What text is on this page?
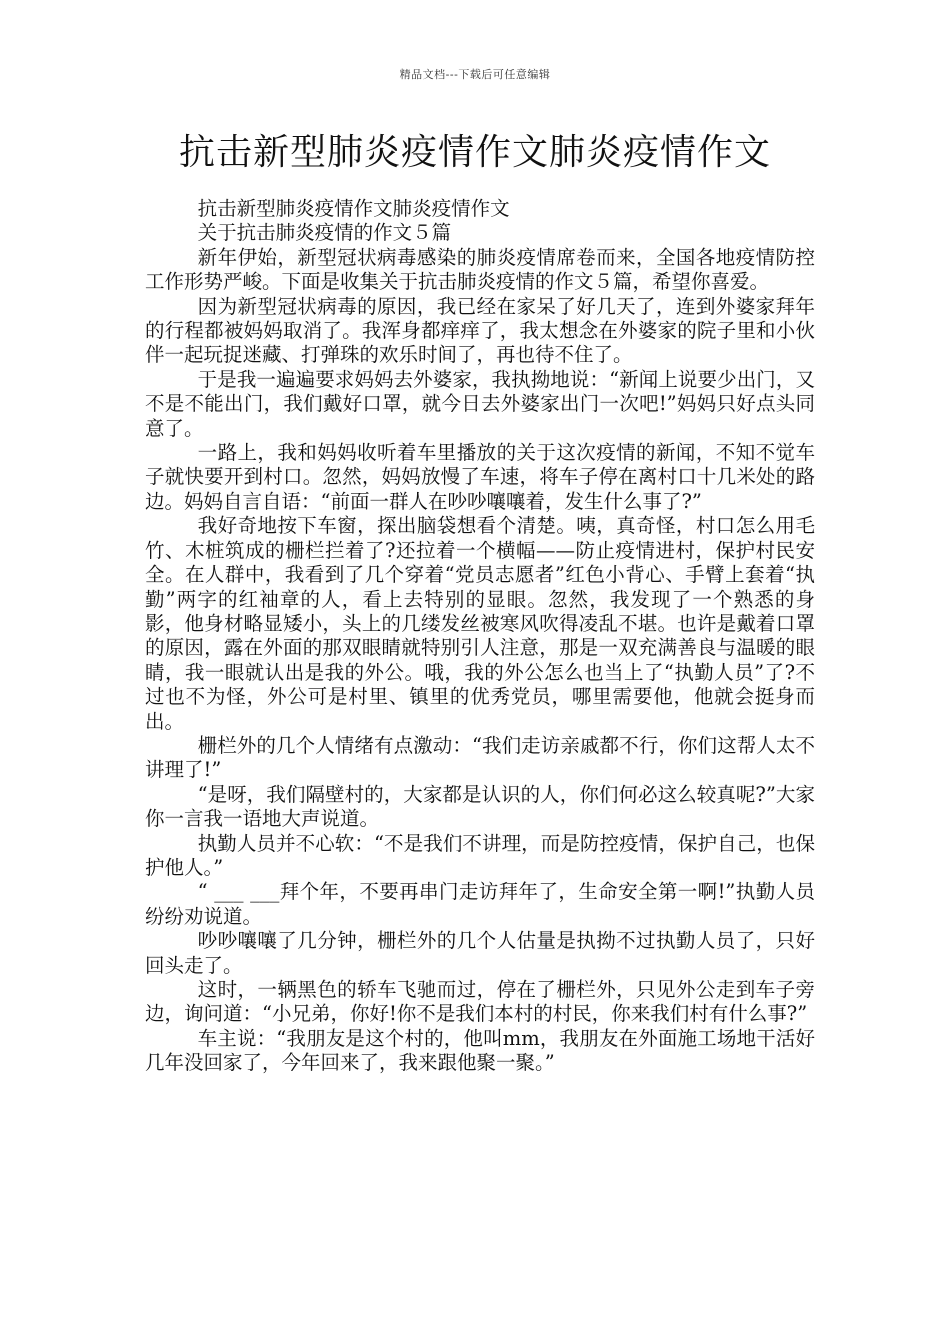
精品文档---下载后可任意编辑
抗击新型肺炎疫情作文肺炎疫情作文

抗击新型肺炎疫情作文肺炎疫情作文

关于抗击肺炎疫情的作文５篇

新年伊始，新型冠状病毒感染的肺炎疫情席卷而来，全国各地疫情防控工作形势严峻。下面是收集关于抗击肺炎疫情的作文５篇，希望你喜爱。

因为新型冠状病毒的原因，我已经在家呆了好几天了，连到外婆家拜年的行程都被妈妈取消了。我浑身都痒痒了，我太想念在外婆家的院子里和小伙伴一起玩捉迷藏、打弹珠的欢乐时间了，再也待不住了。

于是我一遍遍要求妈妈去外婆家，我执拗地说：“新闻上说要少出门，又不是不能出门，我们戴好口罩，就今日去外婆家出门一次吧!”妈妈只好点头同意了。

一路上，我和妈妈收听着车里播放的关于这次疫情的新闻，不知不觉车子就快要开到村口。忽然，妈妈放慢了车速，将车子停在离村口十几米处的路边。妈妈自言自语：“前面一群人在吵吵嚷嚷着，发生什么事了?”

我好奇地按下车窗，探出脑袋想看个清楚。咦，真奇怪，村口怎么用毛竹、木桩筑成的栅栏拦着了?还拉着一个横幅——防止疫情进村，保护村民安全。在人群中，我看到了几个穿着“党员志愿者”红色小背心、手臂上套着“执勤”两字的红袖章的人，看上去特别的显眼。忽然，我发现了一个熟悉的身影，他身材略显矮小，头上的几缕发丝被寒风吹得凌乱不堪。也许是戴着口罩的原因，露在外面的那双眼睛就特别引人注意，那是一双充满善良与温暖的眼睛，我一眼就认出是我的外公。哦，我的外公怎么也当上了“执勤人员”了?不过也不为怪，外公可是村里、镇里的优秀党员，哪里需要他，他就会挺身而出。

栅栏外的几个人情绪有点激动：“我们走访亲戚都不行，你们这帮人太不讲理了!”

“是呀，我们隔壁村的，大家都是认识的人，你们何必这么较真呢?”大家你一言我一语地大声说道。

执勤人员并不心软：“不是我们不讲理，而是防控疫情，保护自己，也保护他人。”

“ ___ ___拜个年，不要再串门走访拜年了，生命安全第一啊!”执勤人员纷纷劝说道。

吵吵嚷嚷了几分钟，栅栏外的几个人估量是执拗不过执勤人员了，只好回头走了。

这时，一辆黑色的轿车飞驰而过，停在了栅栏外，只见外公走到车子旁边，询问道：“小兄弟，你好!你不是我们本村的村民，你来我们村有什么事?”

车主说：“我朋友是这个村的，他叫mm，我朋友在外面施工场地干活好几年没回家了，今年回来了，我来跟他聚一聚。”
